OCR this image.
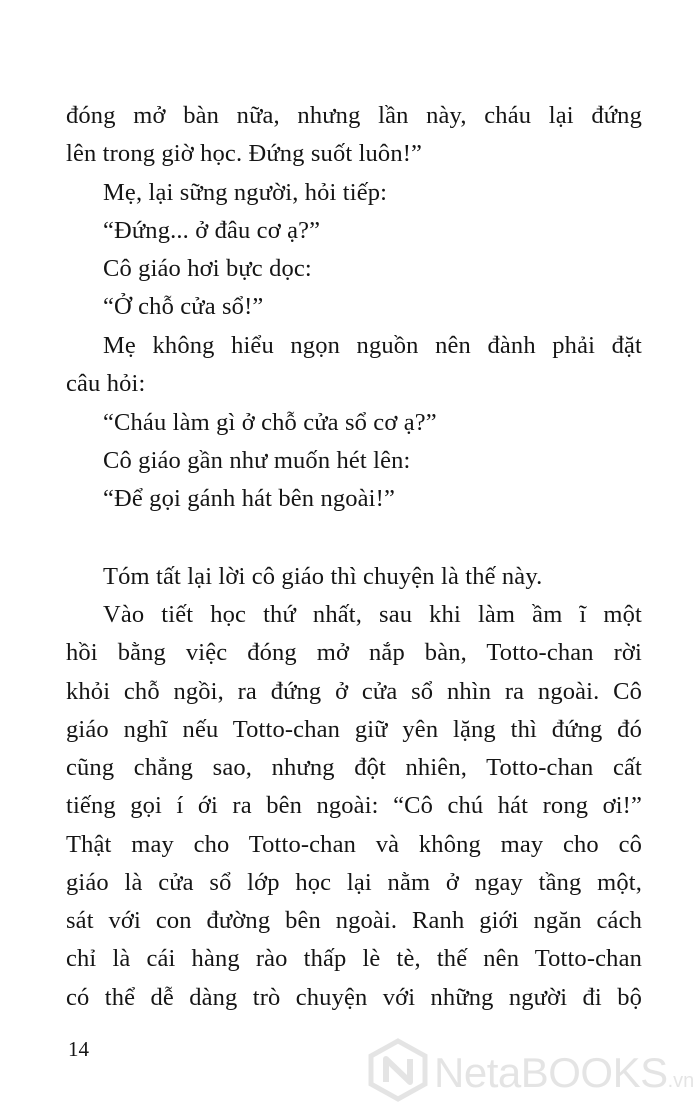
đóng mở bàn nữa, nhưng lần này, cháu lại đứng
lên trong giờ học. Đứng suốt luôn!”
Mẹ, lại sững người, hỏi tiếp:
“Đứng... ở đâu cơ ạ?”
Cô giáo hơi bực dọc:
“Ở chỗ cửa sổ!”
Mẹ không hiểu ngọn nguồn nên đành phải đặt
câu hỏi:
“Cháu làm gì ở chỗ cửa sổ cơ ạ?”
Cô giáo gần như muốn hét lên:
“Để gọi gánh hát bên ngoài!”
Tóm tất lại lời cô giáo thì chuyện là thế này.
Vào tiết học thứ nhất, sau khi làm ầm ĩ một
hồi bằng việc đóng mở nắp bàn, Totto-chan rời
khỏi chỗ ngồi, ra đứng ở cửa sổ nhìn ra ngoài. Cô
giáo nghĩ nếu Totto-chan giữ yên lặng thì đứng đó
cũng chẳng sao, nhưng đột nhiên, Totto-chan cất
tiếng gọi í ới ra bên ngoài: “Cô chú hát rong ơi!”
Thật may cho Totto-chan và không may cho cô
giáo là cửa sổ lớp học lại nằm ở ngay tầng một,
sát với con đường bên ngoài. Ranh giới ngăn cách
chỉ là cái hàng rào thấp lè tè, thế nên Totto-chan
có thể dễ dàng trò chuyện với những người đi bộ
14	NetaBOOKS.vn
